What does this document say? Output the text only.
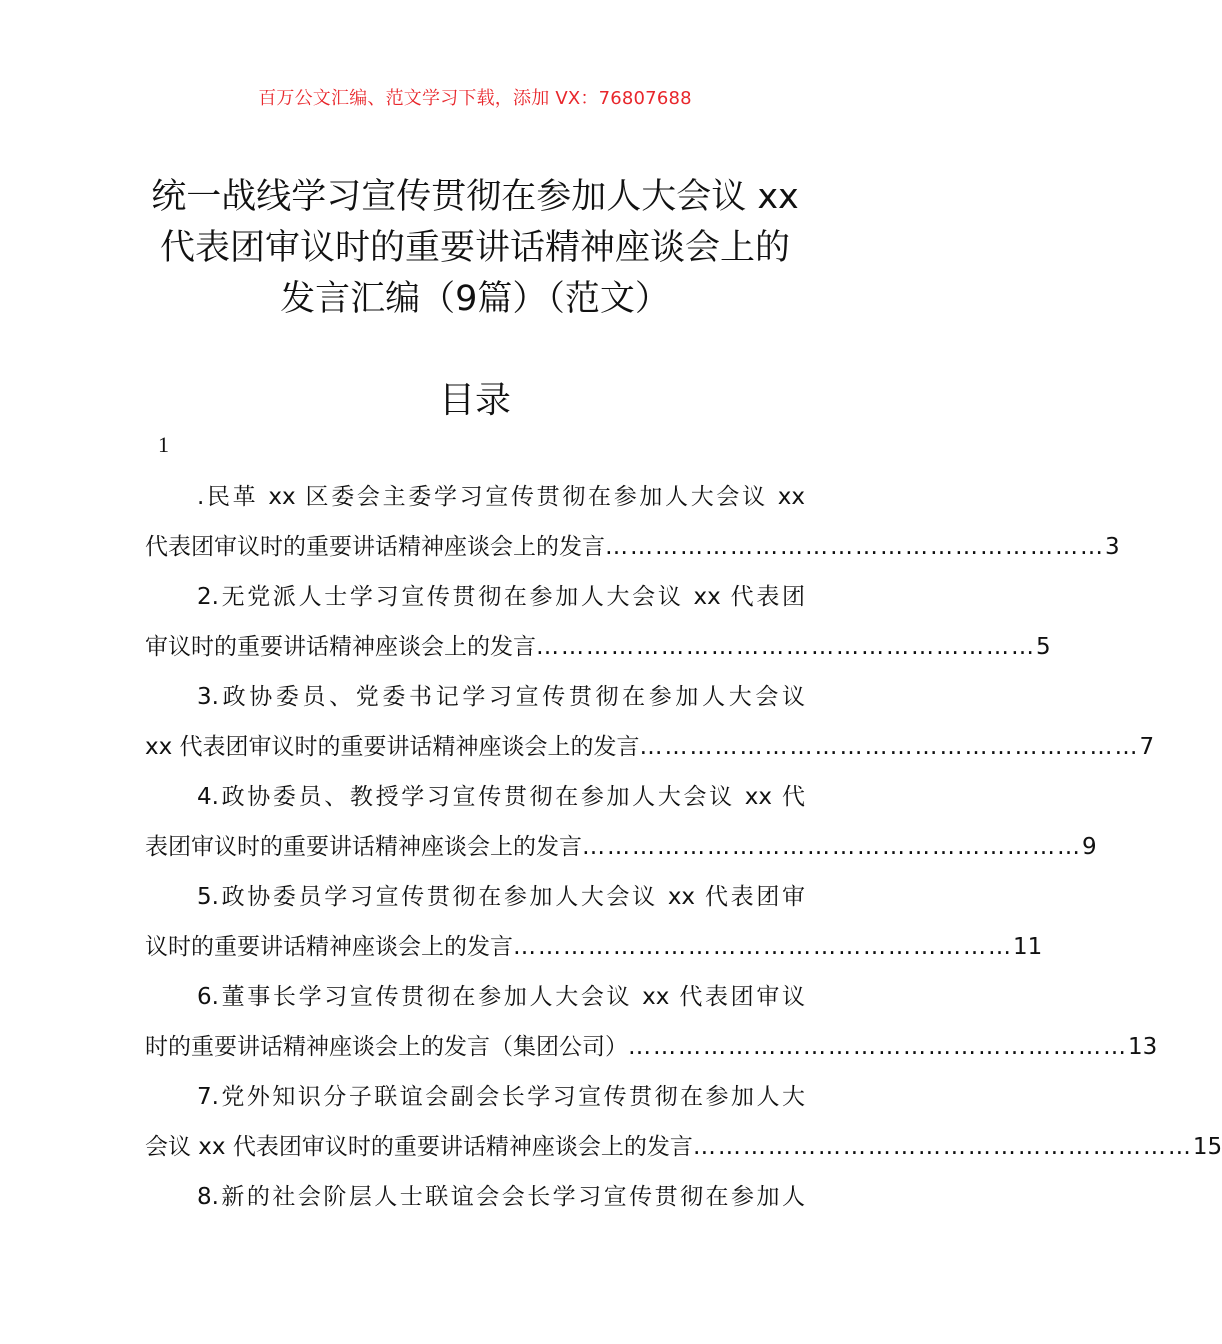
百万公文汇编、范文学习下载，添加 VX：76807688
统一战线学习宣传贯彻在参加人大会议 xx
代表团审议时的重要讲话精神座谈会上的
发言汇编（9篇）（范文）
目录
1
.民革 xx 区委会主委学习宣传贯彻在参加人大会议 xx
代表团审议时的重要讲话精神座谈会上的发言 …………………………………………………… 3
2.无党派人士学习宣传贯彻在参加人大会议 xx 代表团
审议时的重要讲话精神座谈会上的发言 …………………………………………………… 5
3.政协委员、党委书记学习宣传贯彻在参加人大会议
xx 代表团审议时的重要讲话精神座谈会上的发言 …………………………………………………… 7
4.政协委员、教授学习宣传贯彻在参加人大会议 xx 代
表团审议时的重要讲话精神座谈会上的发言 …………………………………………………… 9
5.政协委员学习宣传贯彻在参加人大会议 xx 代表团审
议时的重要讲话精神座谈会上的发言 …………………………………………………… 11
6.董事长学习宣传贯彻在参加人大会议 xx 代表团审议
时的重要讲话精神座谈会上的发言（集团公司） …………………………………………………… 13
7.党外知识分子联谊会副会长学习宣传贯彻在参加人大
会议 xx 代表团审议时的重要讲话精神座谈会上的发言 …………………………………………………… 15
8.新的社会阶层人士联谊会会长学习宣传贯彻在参加人
